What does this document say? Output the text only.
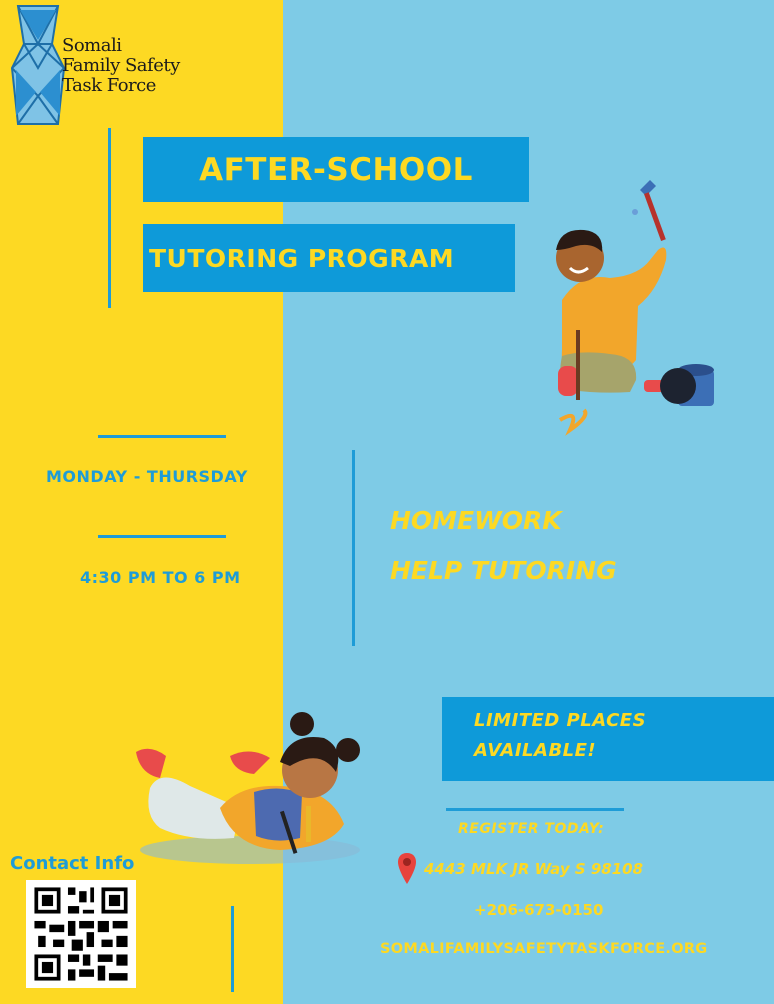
Somali
Family Safety
Task Force
AFTER-SCHOOL
TUTORING PROGRAM
MONDAY - THURSDAY
4:30 PM TO 6 PM
HOMEWORK
HELP TUTORING
LIMITED PLACES
AVAILABLE!
Contact Info
REGISTER TODAY:
4443 MLK JR Way S 98108
+206-673-0150
SOMALIFAMILYSAFETYTASKFORCE.ORG
